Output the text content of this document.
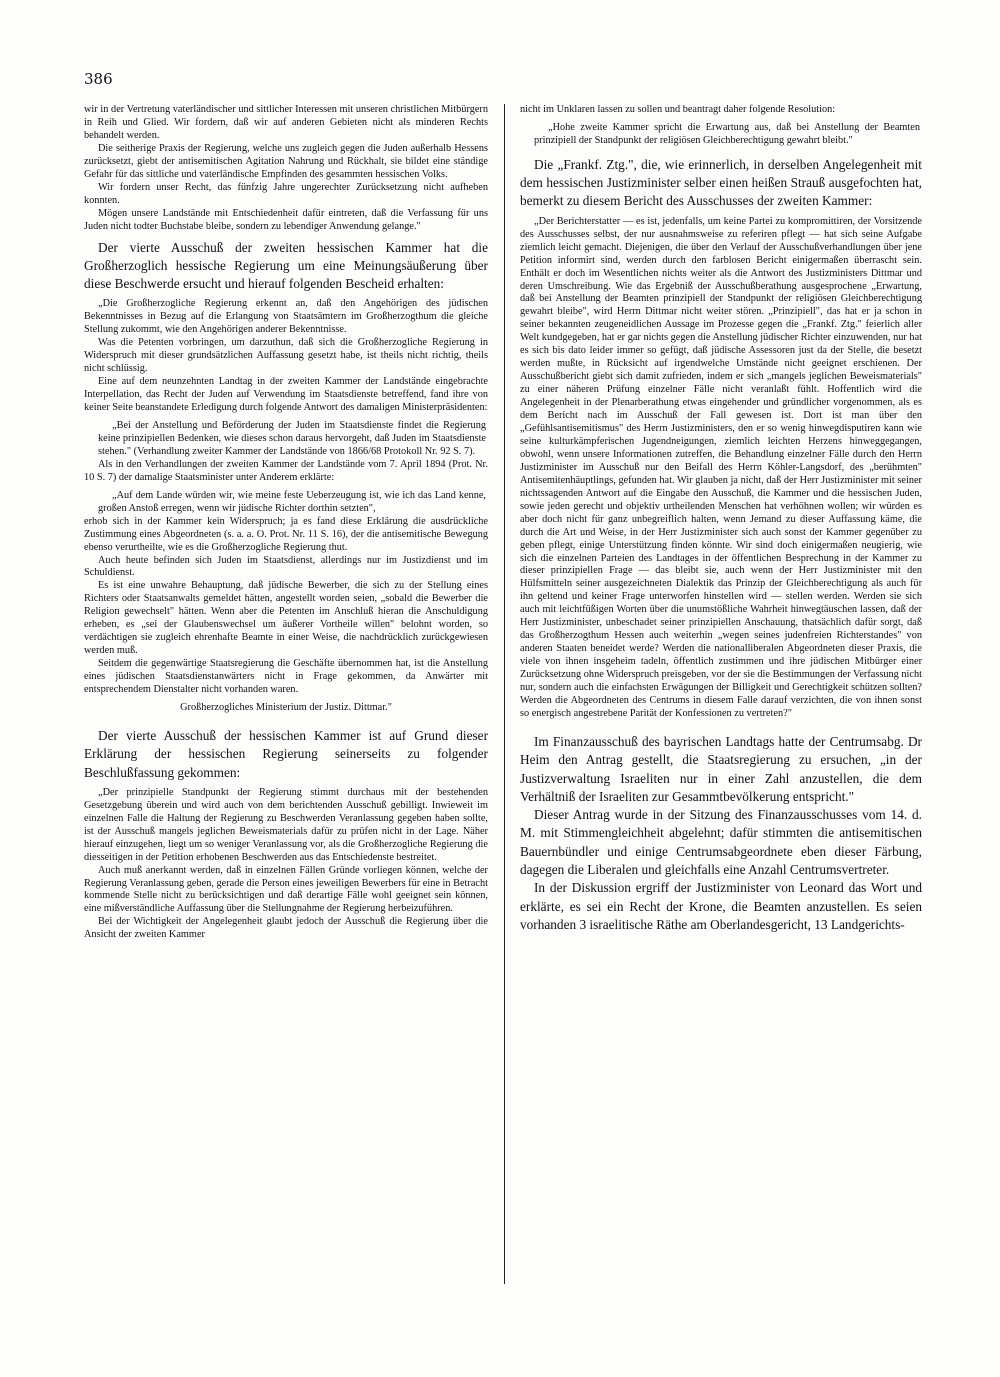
386

wir in der Vertretung vaterländischer und sittlicher Interessen mit unseren christlichen Mitbürgern in Reih und Glied. Wir fordern, daß wir auf anderen Gebieten nicht als minderen Rechts behandelt werden.

Die seitherige Praxis der Regierung, welche uns zugleich gegen die Juden außerhalb Hessens zurücksetzt, giebt der antisemitischen Agitation Nahrung und Rückhalt, sie bildet eine ständige Gefahr für das sittliche und vaterländische Empfinden des gesammten hessischen Volks.

Wir fordern unser Recht, das fünfzig Jahre ungerechter Zurücksetzung nicht aufheben konnten.

Mögen unsere Landstände mit Entschiedenheit dafür eintreten, daß die Verfassung für uns Juden nicht todter Buchstabe bleibe, sondern zu lebendiger Anwendung gelange."

Der vierte Ausschuß der zweiten hessischen Kammer hat die Großherzoglich hessische Regierung um eine Meinungsäußerung über diese Beschwerde ersucht und hierauf folgenden Bescheid erhalten:

„Die Großherzogliche Regierung erkennt an, daß den Angehörigen des jüdischen Bekenntnisses in Bezug auf die Erlangung von Staatsämtern im Großherzogthum die gleiche Stellung zukommt, wie den Angehörigen anderer Bekenntnisse.

Was die Petenten vorbringen, um darzuthun, daß sich die Großherzogliche Regierung in Widerspruch mit dieser grundsätzlichen Auffassung gesetzt habe, ist theils nicht richtig, theils nicht schlüssig.

Eine auf dem neunzehnten Landtag in der zweiten Kammer der Landstände eingebrachte Interpellation, das Recht der Juden auf Verwendung im Staatsdienste betreffend, fand ihre von keiner Seite beanstandete Erledigung durch folgende Antwort des damaligen Ministerpräsidenten:

„Bei der Anstellung und Beförderung der Juden im Staatsdienste findet die Regierung keine prinzipiellen Bedenken, wie dieses schon daraus hervorgeht, daß Juden im Staatsdienste stehen." (Verhandlung zweiter Kammer der Landstände von 1866/68 Protokoll Nr. 92 S. 7).

Als in den Verhandlungen der zweiten Kammer der Landstände vom 7. April 1894 (Prot. Nr. 10 S. 7) der damalige Staatsminister unter Anderem erklärte:

„Auf dem Lande würden wir, wie meine feste Ueberzeugung ist, wie ich das Land kenne, großen Anstoß erregen, wenn wir jüdische Richter dorthin setzten",

erhob sich in der Kammer kein Widerspruch; ja es fand diese Erklärung die ausdrückliche Zustimmung eines Abgeordneten (s. a. a. O. Prot. Nr. 11 S. 16), der die antisemitische Bewegung ebenso verurtheilte, wie es die Großherzogliche Regierung thut.

Auch heute befinden sich Juden im Staatsdienst, allerdings nur im Justizdienst und im Schuldienst.

Es ist eine unwahre Behauptung, daß jüdische Bewerber, die sich zu der Stellung eines Richters oder Staatsanwalts gemeldet hätten, angestellt worden seien, „sobald die Bewerber die Religion gewechselt" hätten. Wenn aber die Petenten im Anschluß hieran die Anschuldigung erheben, es „sei der Glaubenswechsel um äußerer Vortheile willen" belohnt worden, so verdächtigen sie zugleich ehrenhafte Beamte in einer Weise, die nachdrücklich zurückgewiesen werden muß.

Seitdem die gegenwärtige Staatsregierung die Geschäfte übernommen hat, ist die Anstellung eines jüdischen Staatsdienstanwärters nicht in Frage gekommen, da Anwärter mit entsprechendem Dienstalter nicht vorhanden waren.

Großherzogliches Ministerium der Justiz. Dittmar."

Der vierte Ausschuß der hessischen Kammer ist auf Grund dieser Erklärung der hessischen Regierung seinerseits zu folgender Beschlußfassung gekommen:

„Der prinzipielle Standpunkt der Regierung stimmt durchaus mit der bestehenden Gesetzgebung überein und wird auch von dem berichtenden Ausschuß gebilligt. Inwieweit im einzelnen Falle die Haltung der Regierung zu Beschwerden Veranlassung gegeben haben sollte, ist der Ausschuß mangels jeglichen Beweismaterials dafür zu prüfen nicht in der Lage. Näher hierauf einzugehen, liegt um so weniger Veranlassung vor, als die Großherzogliche Regierung die diesseitigen in der Petition erhobenen Beschwerden aus das Entschiedenste bestreitet.

Auch muß anerkannt werden, daß in einzelnen Fällen Gründe vorliegen können, welche der Regierung Veranlassung geben, gerade die Person eines jeweiligen Bewerbers für eine in Betracht kommende Stelle nicht zu berücksichtigen und daß derartige Fälle wohl geeignet sein können, eine mißverständliche Auffassung über die Stellungnahme der Regierung herbeizuführen.

Bei der Wichtigkeit der Angelegenheit glaubt jedoch der Ausschuß die Regierung über die Ansicht der zweiten Kammer

nicht im Unklaren lassen zu sollen und beantragt daher folgende Resolution:

„Hohe zweite Kammer spricht die Erwartung aus, daß bei Anstellung der Beamten prinzipiell der Standpunkt der religiösen Gleichberechtigung gewahrt bleibt."

Die „Frankf. Ztg.", die, wie erinnerlich, in derselben Angelegenheit mit dem hessischen Justizminister selber einen heißen Strauß ausgefochten hat, bemerkt zu diesem Bericht des Ausschusses der zweiten Kammer:

„Der Berichterstatter — es ist, jedenfalls, um keine Partei zu kompromittiren, der Vorsitzende des Ausschusses selbst, der nur ausnahmsweise zu referiren pflegt — hat sich seine Aufgabe ziemlich leicht gemacht. Diejenigen, die über den Verlauf der Ausschußverhandlungen über jene Petition informirt sind, werden durch den farblosen Bericht einigermaßen überrascht sein. Enthält er doch im Wesentlichen nichts weiter als die Antwort des Justizministers Dittmar und deren Umschreibung. Wie das Ergebniß der Ausschußberathung ausgesprochene „Erwartung, daß bei Anstellung der Beamten prinzipiell der Standpunkt der religiösen Gleichberechtigung gewahrt bleibe", wird Herrn Dittmar nicht weiter stören. „Prinzipiell", das hat er ja schon in seiner bekannten zeugeneidlichen Aussage im Prozesse gegen die „Frankf. Ztg." feierlich aller Welt kundgegeben, hat er gar nichts gegen die Anstellung jüdischer Richter einzuwenden, nur hat es sich bis dato leider immer so gefügt, daß jüdische Assessoren just da der Stelle, die besetzt werden mußte, in Rücksicht auf irgendwelche Umstände nicht geeignet erschienen. Der Ausschußbericht giebt sich damit zufrieden, indem er sich „mangels jeglichen Beweismaterials" zu einer näheren Prüfung einzelner Fälle nicht veranlaßt fühlt. Hoffentlich wird die Angelegenheit in der Plenarberathung etwas eingehender und gründlicher vorgenommen, als es dem Bericht nach im Ausschuß der Fall gewesen ist. Dort ist man über den „Gefühlsantisemitismus" des Herrn Justizministers, den er so wenig hinwegdisputiren kann wie seine kulturkämpferischen Jugendneigungen, ziemlich leichten Herzens hinweggegangen, obwohl, wenn unsere Informationen zutreffen, die Behandlung einzelner Fälle durch den Herrn Justizminister im Ausschuß nur den Beifall des Herrn Köhler-Langsdorf, des „berühmten" Antisemitenhäuptlings, gefunden hat. Wir glauben ja nicht, daß der Herr Justizminister mit seiner nichtssagenden Antwort auf die Eingabe den Ausschuß, die Kammer und die hessischen Juden, sowie jeden gerecht und objektiv urtheilenden Menschen hat verhöhnen wollen; wir würden es aber doch nicht für ganz unbegreiflich halten, wenn Jemand zu dieser Auffassung käme, die durch die Art und Weise, in der Herr Justizminister sich auch sonst der Kammer gegenüber zu geben pflegt, einige Unterstützung finden könnte. Wir sind doch einigermaßen neugierig, wie sich die einzelnen Parteien des Landtages in der öffentlichen Besprechung in der Kammer zu dieser prinzipiellen Frage — das bleibt sie, auch wenn der Herr Justizminister mit den Hülfsmitteln seiner ausgezeichneten Dialektik das Prinzip der Gleichberechtigung als auch für ihn geltend und keiner Frage unterworfen hinstellen wird — stellen werden. Werden sie sich auch mit leichtfüßigen Worten über die unumstößliche Wahrheit hinwegtäuschen lassen, daß der Herr Justizminister, unbeschadet seiner prinzipiellen Anschauung, thatsächlich dafür sorgt, daß das Großherzogthum Hessen auch weiterhin „wegen seines judenfreien Richterstandes" von anderen Staaten beneidet werde? Werden die nationalliberalen Abgeordneten dieser Praxis, die viele von ihnen insgeheim tadeln, öffentlich zustimmen und ihre jüdischen Mitbürger einer Zurücksetzung ohne Widerspruch preisgeben, vor der sie die Bestimmungen der Verfassung nicht nur, sondern auch die einfachsten Erwägungen der Billigkeit und Gerechtigkeit schützen sollten? Werden die Abgeordneten des Centrums in diesem Falle darauf verzichten, die von ihnen sonst so energisch angestrebene Parität der Konfessionen zu vertreten?"

Im Finanzausschuß des bayrischen Landtags hatte der Centrumsabg. Dr Heim den Antrag gestellt, die Staatsregierung zu ersuchen, „in der Justizverwaltung Israeliten nur in einer Zahl anzustellen, die dem Verhältniß der Israeliten zur Gesammtbevölkerung entspricht."

Dieser Antrag wurde in der Sitzung des Finanzausschusses vom 14. d. M. mit Stimmengleichheit abgelehnt; dafür stimmten die antisemitischen Bauernbündler und einige Centrumsabgeordnete eben dieser Färbung, dagegen die Liberalen und gleichfalls eine Anzahl Centrumsvertreter.

In der Diskussion ergriff der Justizminister von Leonard das Wort und erklärte, es sei ein Recht der Krone, die Beamten anzustellen. Es seien vorhanden 3 israelitische Räthe am Oberlandesgericht, 13 Landgerichts-
